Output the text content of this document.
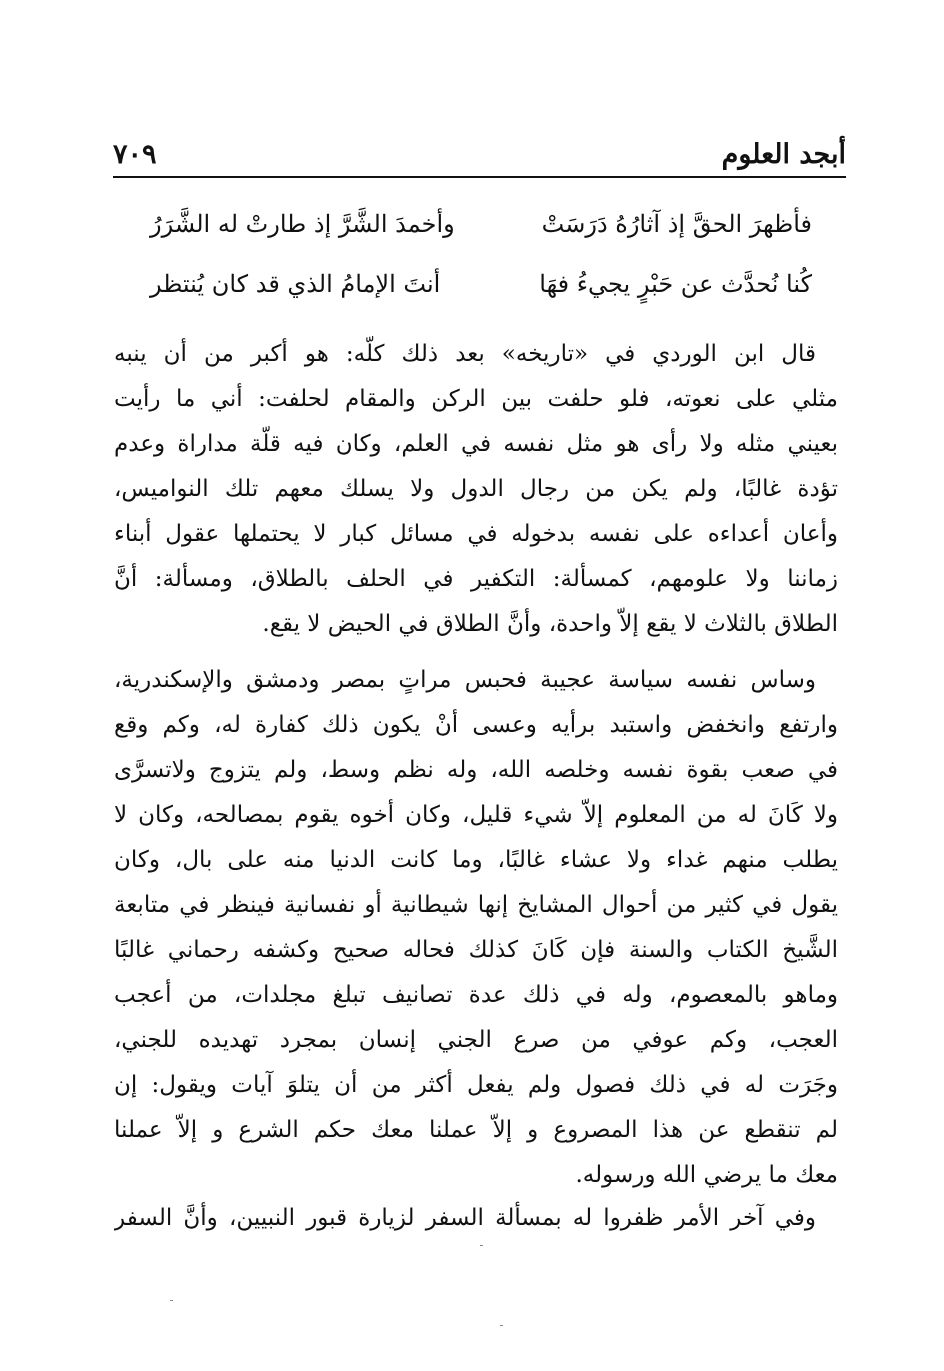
أبجد العلوم
٧٠٩
فأظهرَ الحقَّ إذ آثارُهُ دَرَسَتْ
وأخمدَ الشَّرَّ إذ طارتْ له الشَّرَرُ
كُنا نُحدَّث عن حَبْرٍ يجيءُ فهَا
أنتَ الإمامُ الذي قد كان يُنتظر
قال ابن الوردي في «تاريخه» بعد ذلك كلّه: هو أكبر من أن ينبه
مثلي على نعوته، فلو حلفت بين الركن والمقام لحلفت: أني ما رأيت
بعيني مثله ولا رأى هو مثل نفسه في العلم، وكان فيه قلّة مداراة وعدم
تؤدة غالبًا، ولم يكن من رجال الدول ولا يسلك معهم تلك النواميس،
وأعان أعداءه على نفسه بدخوله في مسائل كبار لا يحتملها عقول أبناء
زماننا ولا علومهم، كمسألة: التكفير في الحلف بالطلاق، ومسألة: أنَّ
الطلاق بالثلاث لا يقع إلاّ واحدة، وأنَّ الطلاق في الحيض لا يقع.
وساس نفسه سياسة عجيبة فحبس مراتٍ بمصر ودمشق والإسكندرية،
وارتفع وانخفض واستبد برأيه وعسى أنْ يكون ذلك كفارة له، وكم وقع
في صعب بقوة نفسه وخلصه الله، وله نظم وسط، ولم يتزوج ولاتسرَّى
ولا كَانَ له من المعلوم إلاّ شيء قليل، وكان أخوه يقوم بمصالحه، وكان لا
يطلب منهم غداء ولا عشاء غالبًا، وما كانت الدنيا منه على بال، وكان
يقول في كثير من أحوال المشايخ إنها شيطانية أو نفسانية فينظر في متابعة
الشَّيخ الكتاب والسنة فإن كَانَ كذلك فحاله صحيح وكشفه رحماني غالبًا
وماهو بالمعصوم، وله في ذلك عدة تصانيف تبلغ مجلدات، من أعجب
العجب، وكم عوفي من صرع الجني إنسان بمجرد تهديده للجني،
وجَرَت له في ذلك فصول ولم يفعل أكثر من أن يتلوَ آيات ويقول: إن
لم تنقطع عن هذا المصروع و إلاّ عملنا معك حكم الشرع و إلاّ عملنا
معك ما يرضي الله ورسوله.
وفي آخر الأمر ظفروا له بمسألة السفر لزيارة قبور النبيين، وأنَّ السفر
